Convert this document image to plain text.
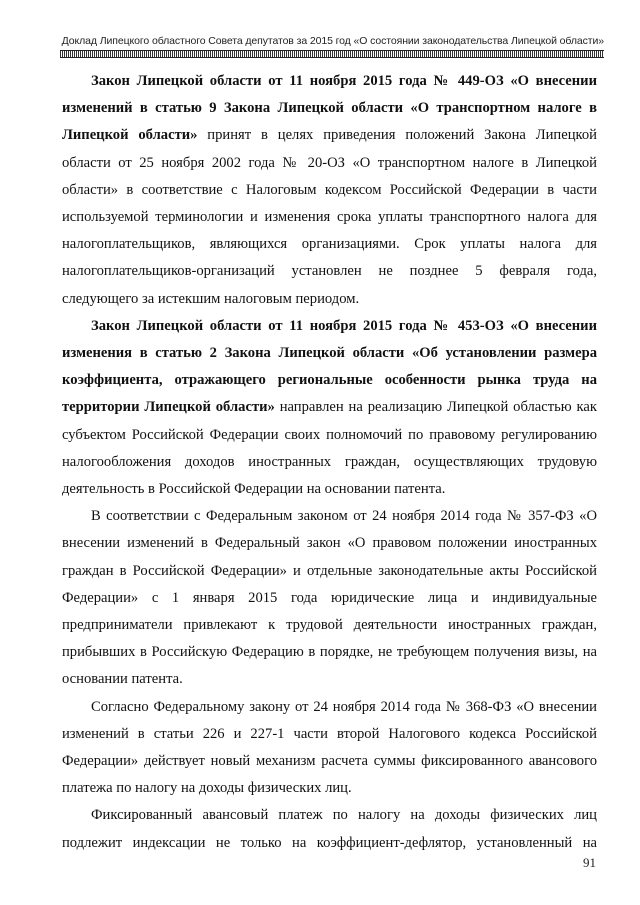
Доклад Липецкого областного Совета депутатов за 2015 год «О состоянии законодательства Липецкой области»

Закон Липецкой области от 11 ноября 2015 года № 449-ОЗ «О внесении изменений в статью 9 Закона Липецкой области «О транспортном налоге в Липецкой области» принят в целях приведения положений Закона Липецкой области от 25 ноября 2002 года № 20-ОЗ «О транспортном налоге в Липецкой области» в соответствие с Налоговым кодексом Российской Федерации в части используемой терминологии и изменения срока уплаты транспортного налога для налогоплательщиков, являющихся организациями. Срок уплаты налога для налогоплательщиков-организаций установлен не позднее 5 февраля года, следующего за истекшим налоговым периодом.

Закон Липецкой области от 11 ноября 2015 года № 453-ОЗ «О внесении изменения в статью 2 Закона Липецкой области «Об установлении размера коэффициента, отражающего региональные особенности рынка труда на территории Липецкой области» направлен на реализацию Липецкой областью как субъектом Российской Федерации своих полномочий по правовому регулированию налогообложения доходов иностранных граждан, осуществляющих трудовую деятельность в Российской Федерации на основании патента.

В соответствии с Федеральным законом от 24 ноября 2014 года № 357-ФЗ «О внесении изменений в Федеральный закон «О правовом положении иностранных граждан в Российской Федерации» и отдельные законодательные акты Российской Федерации» с 1 января 2015 года юридические лица и индивидуальные предприниматели привлекают к трудовой деятельности иностранных граждан, прибывших в Российскую Федерацию в порядке, не требующем получения визы, на основании патента.

Согласно Федеральному закону от 24 ноября 2014 года № 368-ФЗ «О внесении изменений в статьи 226 и 227-1 части второй Налогового кодекса Российской Федерации» действует новый механизм расчета суммы фиксированного авансового платежа по налогу на доходы физических лиц.

Фиксированный авансовый платеж по налогу на доходы физических лиц подлежит индексации не только на коэффициент-дефлятор, установленный на

91
